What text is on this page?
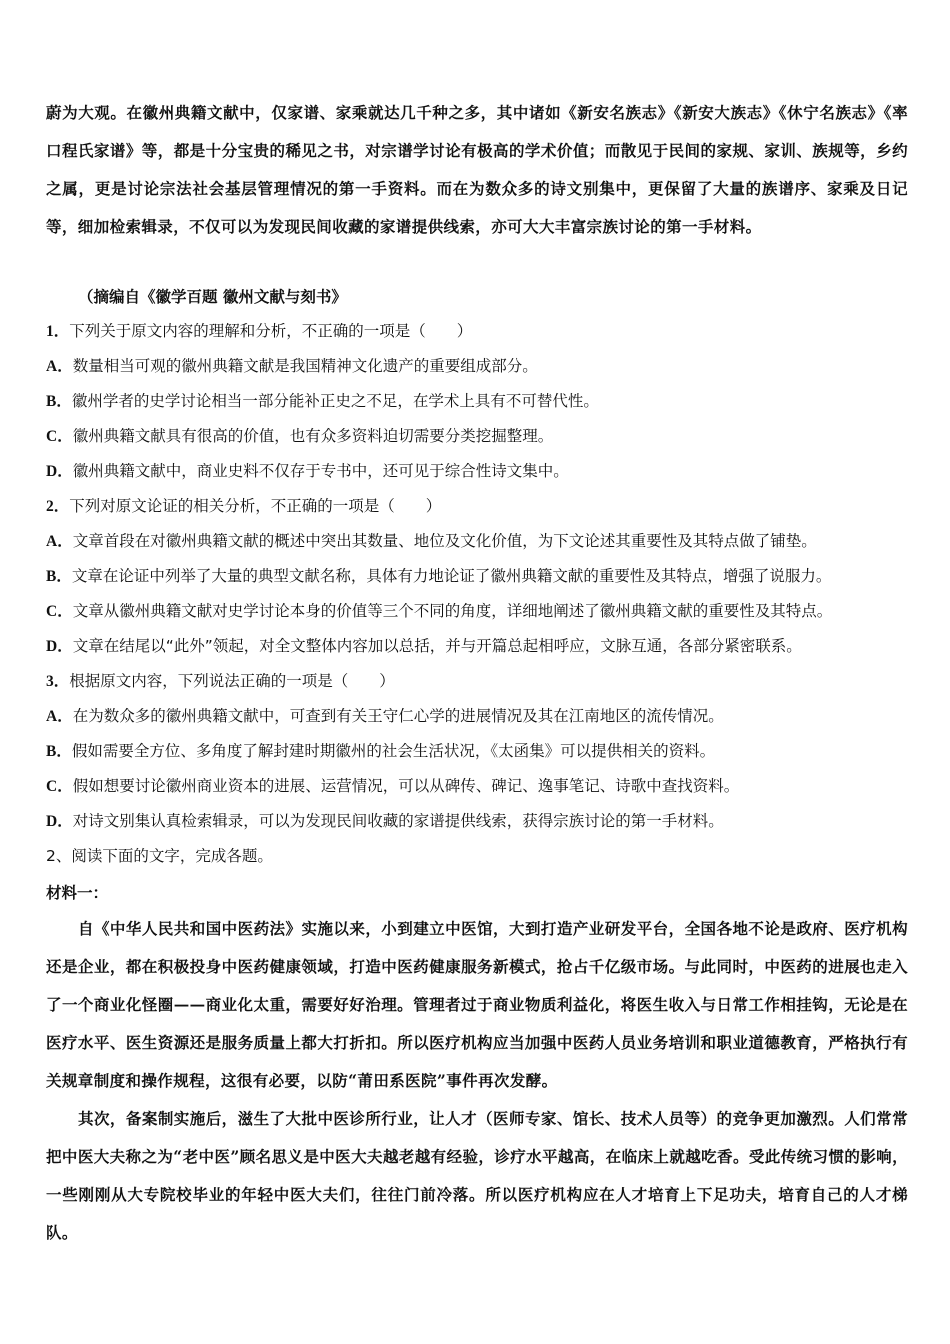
蔚为大观。在徽州典籍文献中，仅家谱、家乘就达几千种之多，其中诸如《新安名族志》《新安大族志》《休宁名族志》《率口程氏家谱》等，都是十分宝贵的稀见之书，对宗谱学讨论有极高的学术价值；而散见于民间的家规、家训、族规等，乡约之属，更是讨论宗法社会基层管理情况的第一手资料。而在为数众多的诗文别集中，更保留了大量的族谱序、家乘及日记等，细加检索辑录，不仅可以为发现民间收藏的家谱提供线索，亦可大大丰富宗族讨论的第一手材料。

（摘编自《徽学百题 徽州文献与刻书》
1．下列关于原文内容的理解和分析，不正确的一项是（　　）
A．数量相当可观的徽州典籍文献是我国精神文化遗产的重要组成部分。
B．徽州学者的史学讨论相当一部分能补正史之不足，在学术上具有不可替代性。
C．徽州典籍文献具有很高的价值，也有众多资料迫切需要分类挖掘整理。
D．徽州典籍文献中，商业史料不仅存于专书中，还可见于综合性诗文集中。
2．下列对原文论证的相关分析，不正确的一项是（　　）
A．文章首段在对徽州典籍文献的概述中突出其数量、地位及文化价值，为下文论述其重要性及其特点做了铺垫。
B．文章在论证中列举了大量的典型文献名称，具体有力地论证了徽州典籍文献的重要性及其特点，增强了说服力。
C．文章从徽州典籍文献对史学讨论本身的价值等三个不同的角度，详细地阐述了徽州典籍文献的重要性及其特点。
D．文章在结尾以“此外”领起，对全文整体内容加以总括，并与开篇总起相呼应，文脉互通，各部分紧密联系。
3．根据原文内容，下列说法正确的一项是（　　）
A．在为数众多的徽州典籍文献中，可查到有关王守仁心学的进展情况及其在江南地区的流传情况。
B．假如需要全方位、多角度了解封建时期徽州的社会生活状况，《太函集》可以提供相关的资料。
C．假如想要讨论徽州商业资本的进展、运营情况，可以从碑传、碑记、逸事笔记、诗歌中查找资料。
D．对诗文别集认真检索辑录，可以为发现民间收藏的家谱提供线索，获得宗族讨论的第一手材料。
2、阅读下面的文字，完成各题。
材料一：

自《中华人民共和国中医药法》实施以来，小到建立中医馆，大到打造产业研发平台，全国各地不论是政府、医疗机构还是企业，都在积极投身中医药健康领域，打造中医药健康服务新模式，抢占千亿级市场。与此同时，中医药的进展也走入了一个商业化怪圈——商业化太重，需要好好治理。管理者过于商业物质利益化，将医生收入与日常工作相挂钩，无论是在医疗水平、医生资源还是服务质量上都大打折扣。所以医疗机构应当加强中医药人员业务培训和职业道德教育，严格执行有关规章制度和操作规程，这很有必要，以防“莆田系医院”事件再次发酵。

其次，备案制实施后，滋生了大批中医诊所行业，让人才（医师专家、馆长、技术人员等）的竞争更加激烈。人们常常把中医大夫称之为“老中医”顾名思义是中医大夫越老越有经验，诊疗水平越高，在临床上就越吃香。受此传统习惯的影响，一些刚刚从大专院校毕业的年轻中医大夫们，往往门前冷落。所以医疗机构应在人才培育上下足功夫，培育自己的人才梯队。
